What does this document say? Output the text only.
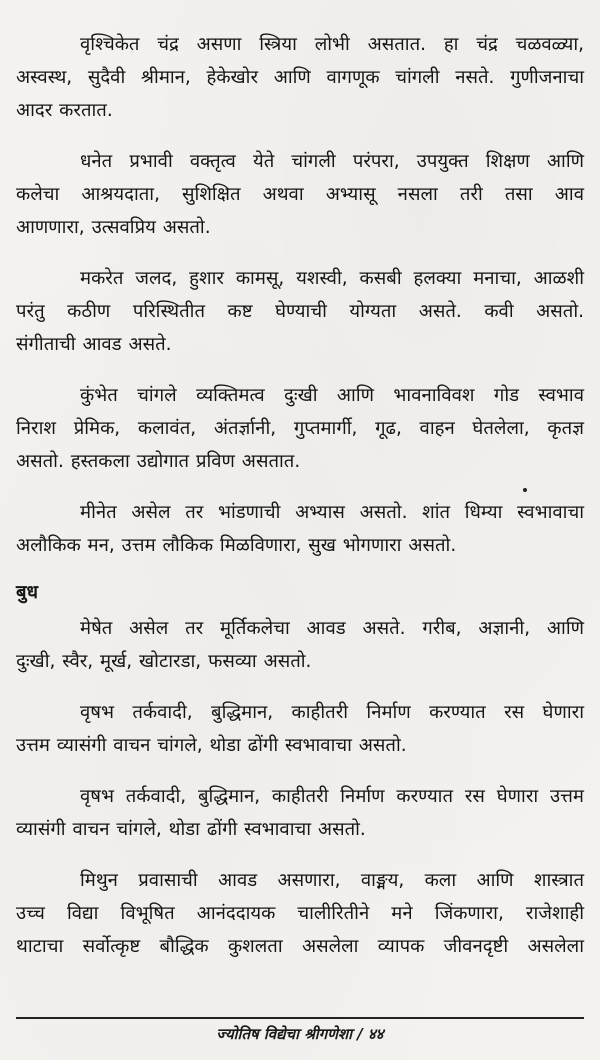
वृश्चिकेत चंद्र असणा स्त्रिया लोभी असतात. हा चंद्र चळवळ्या,
अस्वस्थ, सुदैवी श्रीमान, हेकेखोर आणि वागणूक चांगली नसते. गुणीजनाचा
आदर करतात.
धनेत प्रभावी वक्तृत्व येते चांगली परंपरा, उपयुक्त शिक्षण आणि
कलेचा आश्रयदाता, सुशिक्षित अथवा अभ्यासू नसला तरी तसा आव
आणणारा, उत्सवप्रिय असतो.
मकरेत जलद, हुशार कामसू, यशस्वी, कसबी हलक्या मनाचा, आळशी
परंतु कठीण परिस्थितीत कष्ट घेण्याची योग्यता असते. कवी असतो.
संगीताची आवड असते.
कुंभेत चांगले व्यक्तिमत्व दुःखी आणि भावनाविवश गोड स्वभाव
निराश प्रेमिक, कलावंत, अंतर्ज्ञानी, गुप्तमार्गी, गूढ, वाहन घेतलेला, कृतज्ञ
असतो. हस्तकला उद्योगात प्रविण असतात.
मीनेत असेल तर भांडणाची अभ्यास असतो. शांत धिम्या स्वभावाचा
अलौकिक मन, उत्तम लौकिक मिळविणारा, सुख भोगणारा असतो.
बुध
मेषेत असेल तर मूर्तिकलेचा आवड असते. गरीब, अज्ञानी, आणि
दुःखी, स्वैर, मूर्ख, खोटारडा, फसव्या असतो.
वृषभ तर्कवादी, बुद्धिमान, काहीतरी निर्माण करण्यात रस घेणारा
उत्तम व्यासंगी वाचन चांगले, थोडा ढोंगी स्वभावाचा असतो.
वृषभ तर्कवादी, बुद्धिमान, काहीतरी निर्माण करण्यात रस घेणारा उत्तम
व्यासंगी वाचन चांगले, थोडा ढोंगी स्वभावाचा असतो.
मिथुन प्रवासाची आवड असणारा, वाङ्मय, कला आणि शास्त्रात
उच्च विद्या विभूषित आनंददायक चालीरितीने मने जिंकणारा, राजेशाही
थाटाचा सर्वोत्कृष्ट बौद्धिक कुशलता असलेला व्यापक जीवनदृष्टी असलेला
ज्योतिष विद्येचा श्रीगणेशा / ४४
